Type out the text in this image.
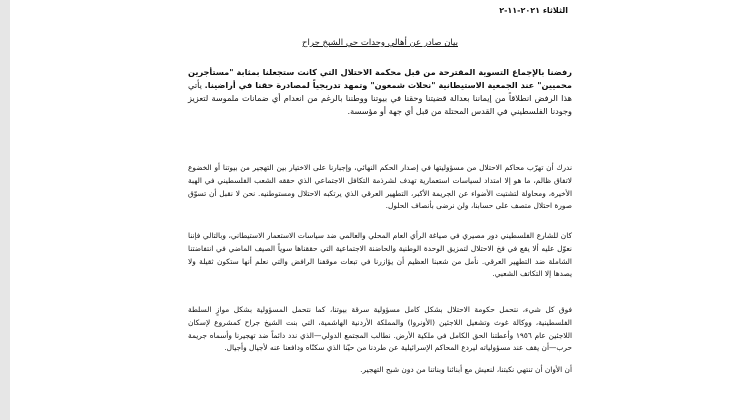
الثلاثاء ٢٠٢١-١١-٢
بيان صادر عن أهالي وحدات حي الشيخ جراح

رفضنا بالإجماع التسوية المقترحة من قبل محكمة الاحتلال التي كانت ستجعلنا بمثابة "مستأجرين محميين" عند الجمعية الاستيطانية "نحلات شمعون" وتمهد تدريجياً لمصادرة حقنا في أراضينا. يأتي هذا الرفض انطلاقاً من إيماننا بعدالة قضيتنا وحقنا في بيوتنا ووطننا بالرغم من انعدام أي ضمانات ملموسة لتعزيز وجودنا الفلسطيني في القدس المحتلة من قبل أي جهة أو مؤسسة.

ندرك أن تهرّب محاكم الاحتلال من مسؤوليتها في إصدار الحكم النهائي، وإجبارنا على الاختيار بين التهجير من بيوتنا أو الخضوع لاتفاق ظالم، ما هو إلا امتداد لسياسات استعمارية تهدف لشرذمة التكافل الاجتماعي الذي حققه الشعب الفلسطيني في الهبة الأخيرة، ومحاولة لتشتيت الأضواء عن الجريمة الأكبر، التطهير العرقي الذي يرتكبه الاحتلال ومستوطنيه. نحن لا نقبل أن تسوّق صورة احتلال متصف على حسابنا، ولن نرضى بأنصاف الحلول.

كان للشارع الفلسطيني دور مصيري في صياغة الرأي العام المحلي والعالمي ضد سياسات الاستعمار الاستيطاني، وبالتالي فإننا نعوّل عليه ألا يقع في فخ الاحتلال لتمزيق الوحدة الوطنية والحاضنة الاجتماعية التي حققناها سوياً الصيف الماضي في انتفاضتنا الشاملة ضد التطهير العرقي. نأمل من شعبنا العظيم أن يؤازرنا في تبعات موقفنا الرافض والتي نعلم أنها ستكون ثقيلة ولا يصدها إلا التكاتف الشعبي.

فوق كل شيء، نتحمل حكومة الاحتلال بشكل كامل مسؤولية سرقة بيوتنا، كما نتحمل المسؤولية بشكل موازٍ السلطة الفلسطينية، ووكالة غوث وتشغيل اللاجئين (الأونروا) والمملكة الأردنية الهاشمية، التي بنت الشيخ جراح كمشروع لإسكان اللاجئين عام ١٩٥٦ وأعطتنا الحق الكامل في ملكية الأرض. نطالب المجتمع الدولي—الذي ندد دائماً ضد تهجيرنا وأسماه جريمة حرب—أن يقف عند مسؤولياته ليردع المحاكم الإسرائيلية عن طردنا من حيّنا الذي سكنّاه ودافعنا عنه لأجيال وأجيال.

أن الأوان أن تنتهي نكبتنا، لنعيش مع أبنائنا وبناتنا من دون شبح التهجير.
